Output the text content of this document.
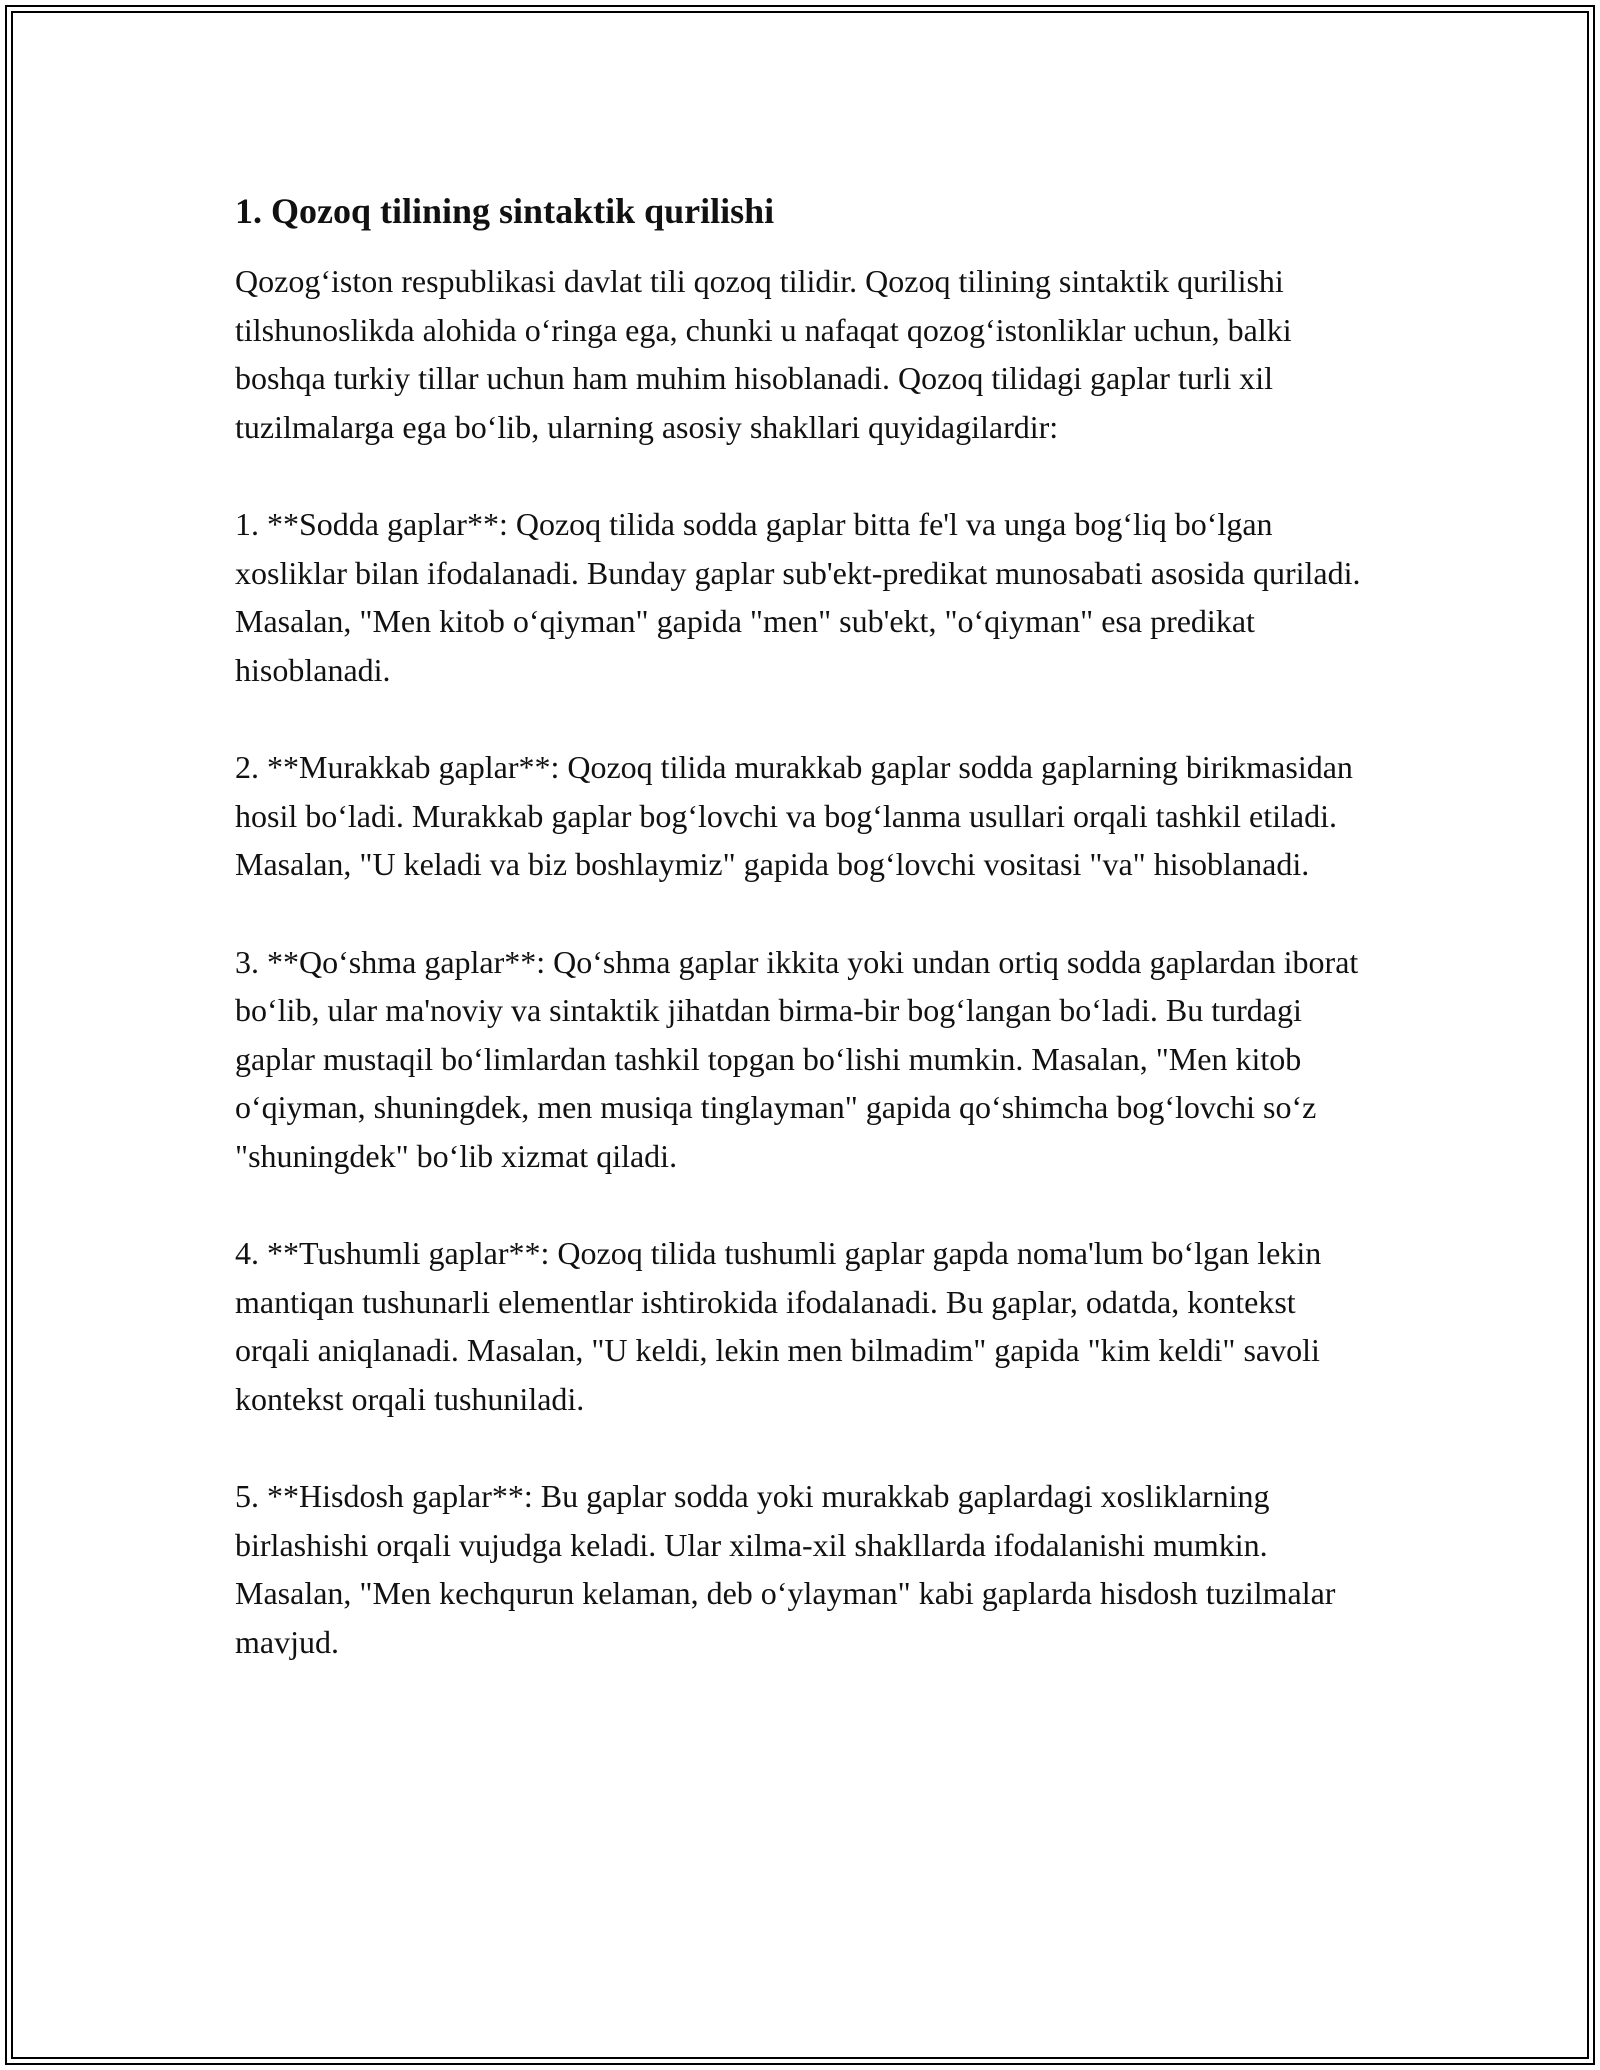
1. Qozoq tilining sintaktik qurilishi

Qozog‘iston respublikasi davlat tili qozoq tilidir. Qozoq tilining sintaktik qurilishi tilshunoslikda alohida o‘ringa ega, chunki u nafaqat qozog‘istonliklar uchun, balki boshqa turkiy tillar uchun ham muhim hisoblanadi. Qozoq tilidagi gaplar turli xil tuzilmalarga ega bo‘lib, ularning asosiy shakllari quyidagilardir:

1. **Sodda gaplar**: Qozoq tilida sodda gaplar bitta fe'l va unga bog‘liq bo‘lgan xosliklar bilan ifodalanadi. Bunday gaplar sub'ekt-predikat munosabati asosida quriladi. Masalan, "Men kitob o‘qiyman" gapida "men" sub'ekt, "o‘qiyman" esa predikat hisoblanadi.

2. **Murakkab gaplar**: Qozoq tilida murakkab gaplar sodda gaplarning birikmasidan hosil bo‘ladi. Murakkab gaplar bog‘lovchi va bog‘lanma usullari orqali tashkil etiladi. Masalan, "U keladi va biz boshlaymiz" gapida bog‘lovchi vositasi "va" hisoblanadi.

3. **Qo‘shma gaplar**: Qo‘shma gaplar ikkita yoki undan ortiq sodda gaplardan iborat bo‘lib, ular ma'noviy va sintaktik jihatdan birma-bir bog‘langan bo‘ladi. Bu turdagi gaplar mustaqil bo‘limlardan tashkil topgan bo‘lishi mumkin. Masalan, "Men kitob o‘qiyman, shuningdek, men musiqa tinglayman" gapida qo‘shimcha bog‘lovchi so‘z "shuningdek" bo‘lib xizmat qiladi.

4. **Tushumli gaplar**: Qozoq tilida tushumli gaplar gapda noma'lum bo‘lgan lekin mantiqan tushunarli elementlar ishtirokida ifodalanadi. Bu gaplar, odatda, kontekst orqali aniqlanadi. Masalan, "U keldi, lekin men bilmadim" gapida "kim keldi" savoli kontekst orqali tushuniladi.

5. **Hisdosh gaplar**: Bu gaplar sodda yoki murakkab gaplardagi xosliklarning birlashishi orqali vujudga keladi. Ular xilma-xil shakllarda ifodalanishi mumkin. Masalan, "Men kechqurun kelaman, deb o‘ylayman" kabi gaplarda hisdosh tuzilmalar mavjud.
